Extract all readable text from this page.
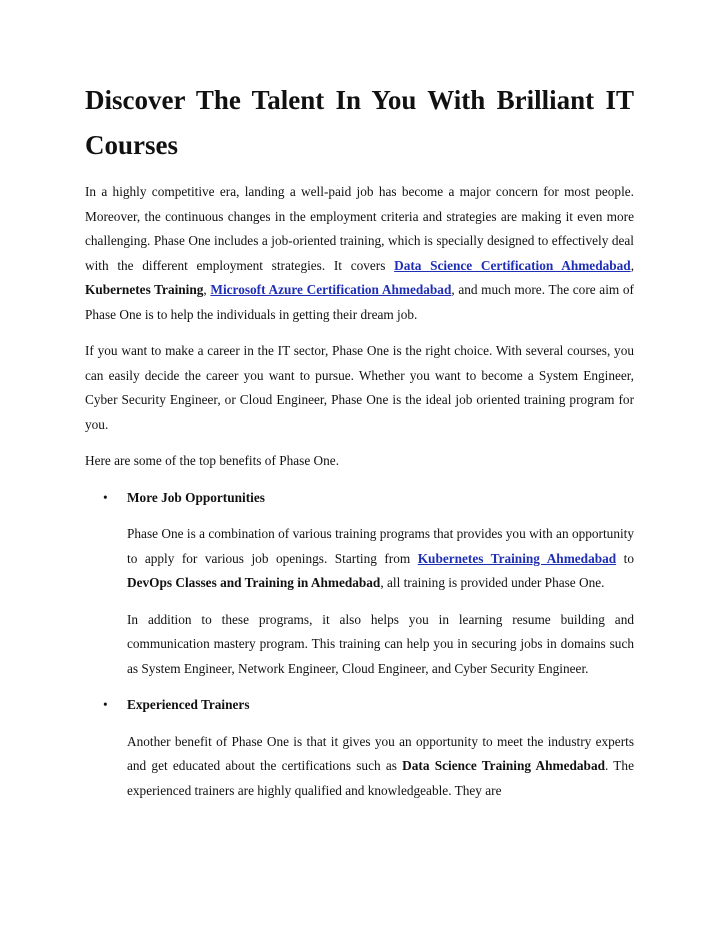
Discover The Talent In You With Brilliant IT
Courses

In a highly competitive era, landing a well-paid job has become a major concern for most people. Moreover, the continuous changes in the employment criteria and strategies are making it even more challenging. Phase One includes a job-oriented training, which is specially designed to effectively deal with the different employment strategies. It covers Data Science Certification Ahmedabad, Kubernetes Training, Microsoft Azure Certification Ahmedabad, and much more. The core aim of Phase One is to help the individuals in getting their dream job.

If you want to make a career in the IT sector, Phase One is the right choice. With several courses, you can easily decide the career you want to pursue. Whether you want to become a System Engineer, Cyber Security Engineer, or Cloud Engineer, Phase One is the ideal job oriented training program for you.

Here are some of the top benefits of Phase One.

• More Job Opportunities

Phase One is a combination of various training programs that provides you with an opportunity to apply for various job openings. Starting from Kubernetes Training Ahmedabad to DevOps Classes and Training in Ahmedabad, all training is provided under Phase One.

In addition to these programs, it also helps you in learning resume building and communication mastery program. This training can help you in securing jobs in domains such as System Engineer, Network Engineer, Cloud Engineer, and Cyber Security Engineer.

• Experienced Trainers

Another benefit of Phase One is that it gives you an opportunity to meet the industry experts and get educated about the certifications such as Data Science Training Ahmedabad. The experienced trainers are highly qualified and knowledgeable. They are
